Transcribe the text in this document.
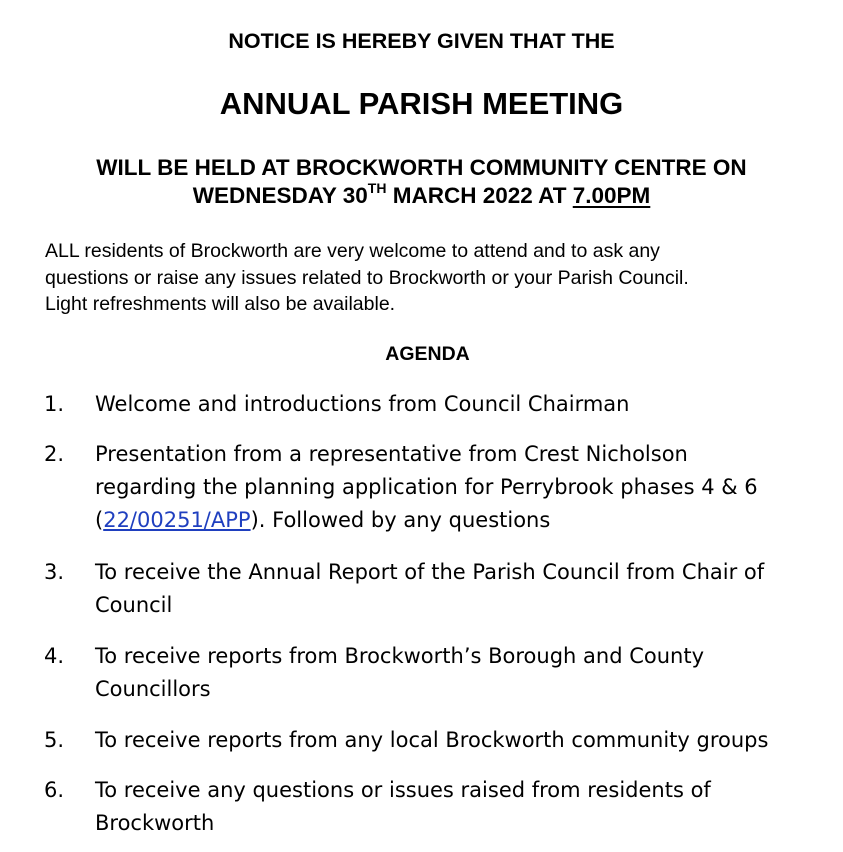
NOTICE IS HEREBY GIVEN THAT THE

ANNUAL PARISH MEETING
WILL BE HELD AT BROCKWORTH COMMUNITY CENTRE ON
WEDNESDAY 30TH MARCH 2022 AT 7.00PM

ALL residents of Brockworth are very welcome to attend and to ask any
questions or raise any issues related to Brockworth or your Parish Council.
Light refreshments will also be available.

AGENDA
1. Welcome and introductions from Council Chairman
2. Presentation from a representative from Crest Nicholson
regarding the planning application for Perrybrook phases 4 & 6
(22/00251/APP). Followed by any questions
3. To receive the Annual Report of the Parish Council from Chair of
Council
4. To receive reports from Brockworth’s Borough and County
Councillors
5. To receive reports from any local Brockworth community groups
6. To receive any questions or issues raised from residents of
Brockworth
